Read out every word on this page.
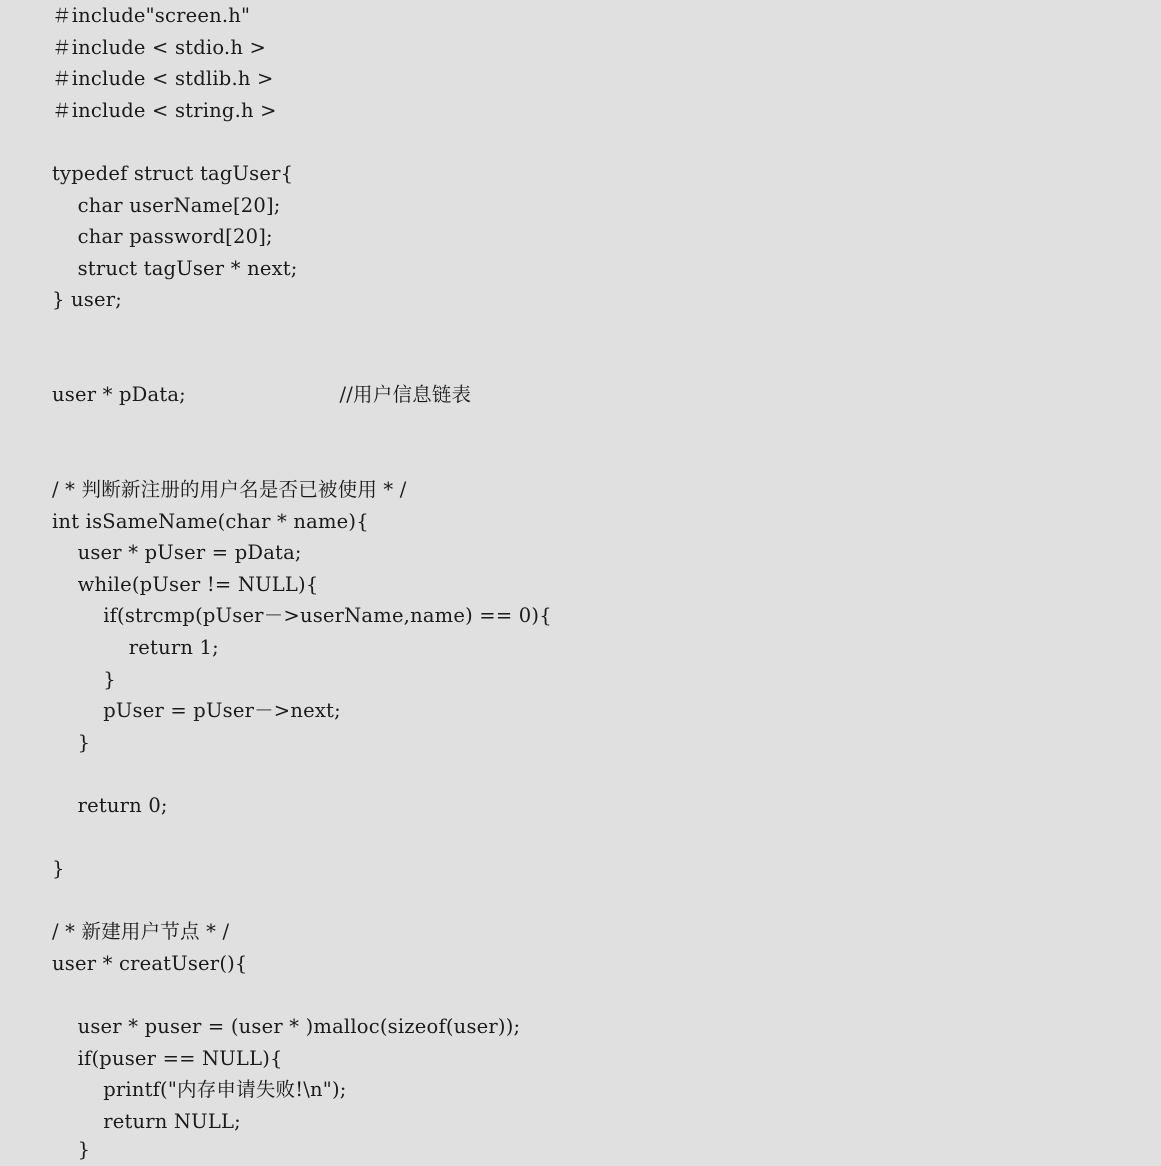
＃include"screen.h"
＃include < stdio.h >
＃include < stdlib.h >
＃include < string.h >
typedef struct tagUser{
char userName[20];
char password[20];
struct tagUser * next;
} user;
user * pData;                        //用户信息链表
/ * 判断新注册的用户名是否已被使用 * /
int isSameName(char * name){
user * pUser = pData;
while(pUser != NULL){
if(strcmp(pUser－>userName,name) == 0){
return 1;
}
pUser = pUser－>next;
}
return 0;
}
/ * 新建用户节点 * /
user * creatUser(){
user * puser = (user * )malloc(sizeof(user));
if(puser == NULL){
printf("内存申请失败!\n");
return NULL;
}
